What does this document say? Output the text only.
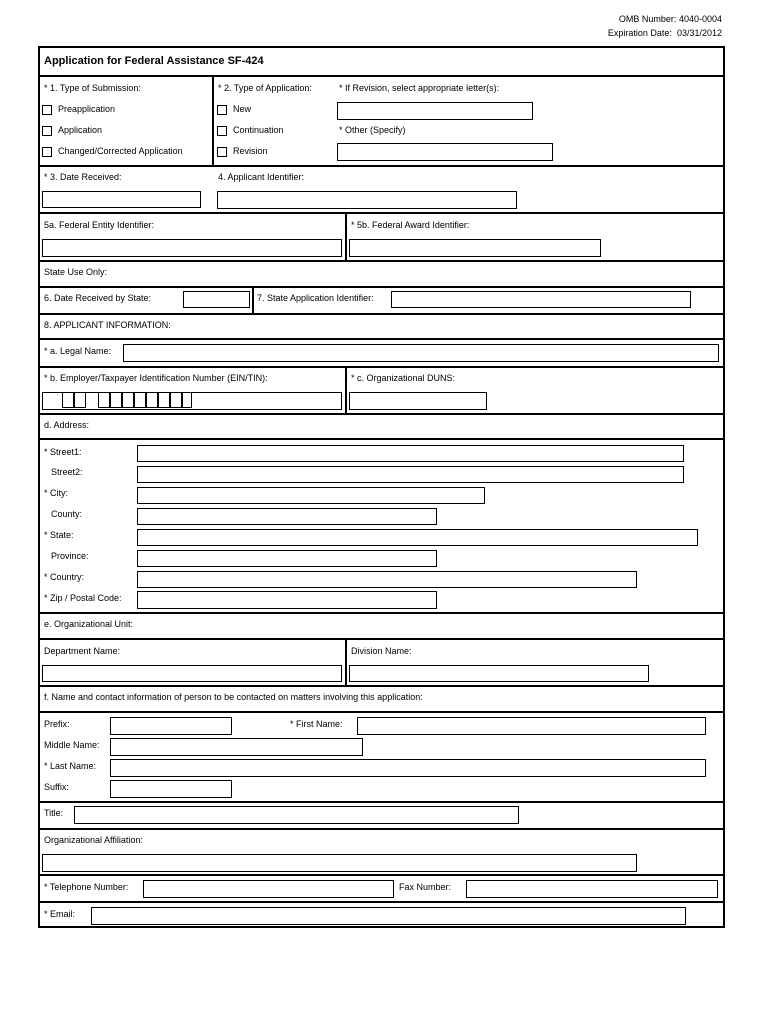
OMB Number: 4040-0004
Expiration Date: 03/31/2012
Application for Federal Assistance SF-424
* 1. Type of Submission:
Preapplication
Application
Changed/Corrected Application
* 2. Type of Application:
New
Continuation
Revision
* If Revision, select appropriate letter(s):
* Other (Specify)
* 3. Date Received:	4. Applicant Identifier:
5a. Federal Entity Identifier:	* 5b. Federal Award Identifier:
State Use Only:
6. Date Received by State:	7. State Application Identifier:
8. APPLICANT INFORMATION:
* a. Legal Name:
* b. Employer/Taxpayer Identification Number (EIN/TIN):	* c. Organizational DUNS:
d. Address:
* Street1:
Street2:
* City:
County:
* State:
Province:
* Country:
* Zip / Postal Code:
e. Organizational Unit:
Department Name:	Division Name:
f. Name and contact information of person to be contacted on matters involving this application:
Prefix:	* First Name:
Middle Name:
* Last Name:
Suffix:
Title:
Organizational Affiliation:
* Telephone Number:	Fax Number:
* Email:
